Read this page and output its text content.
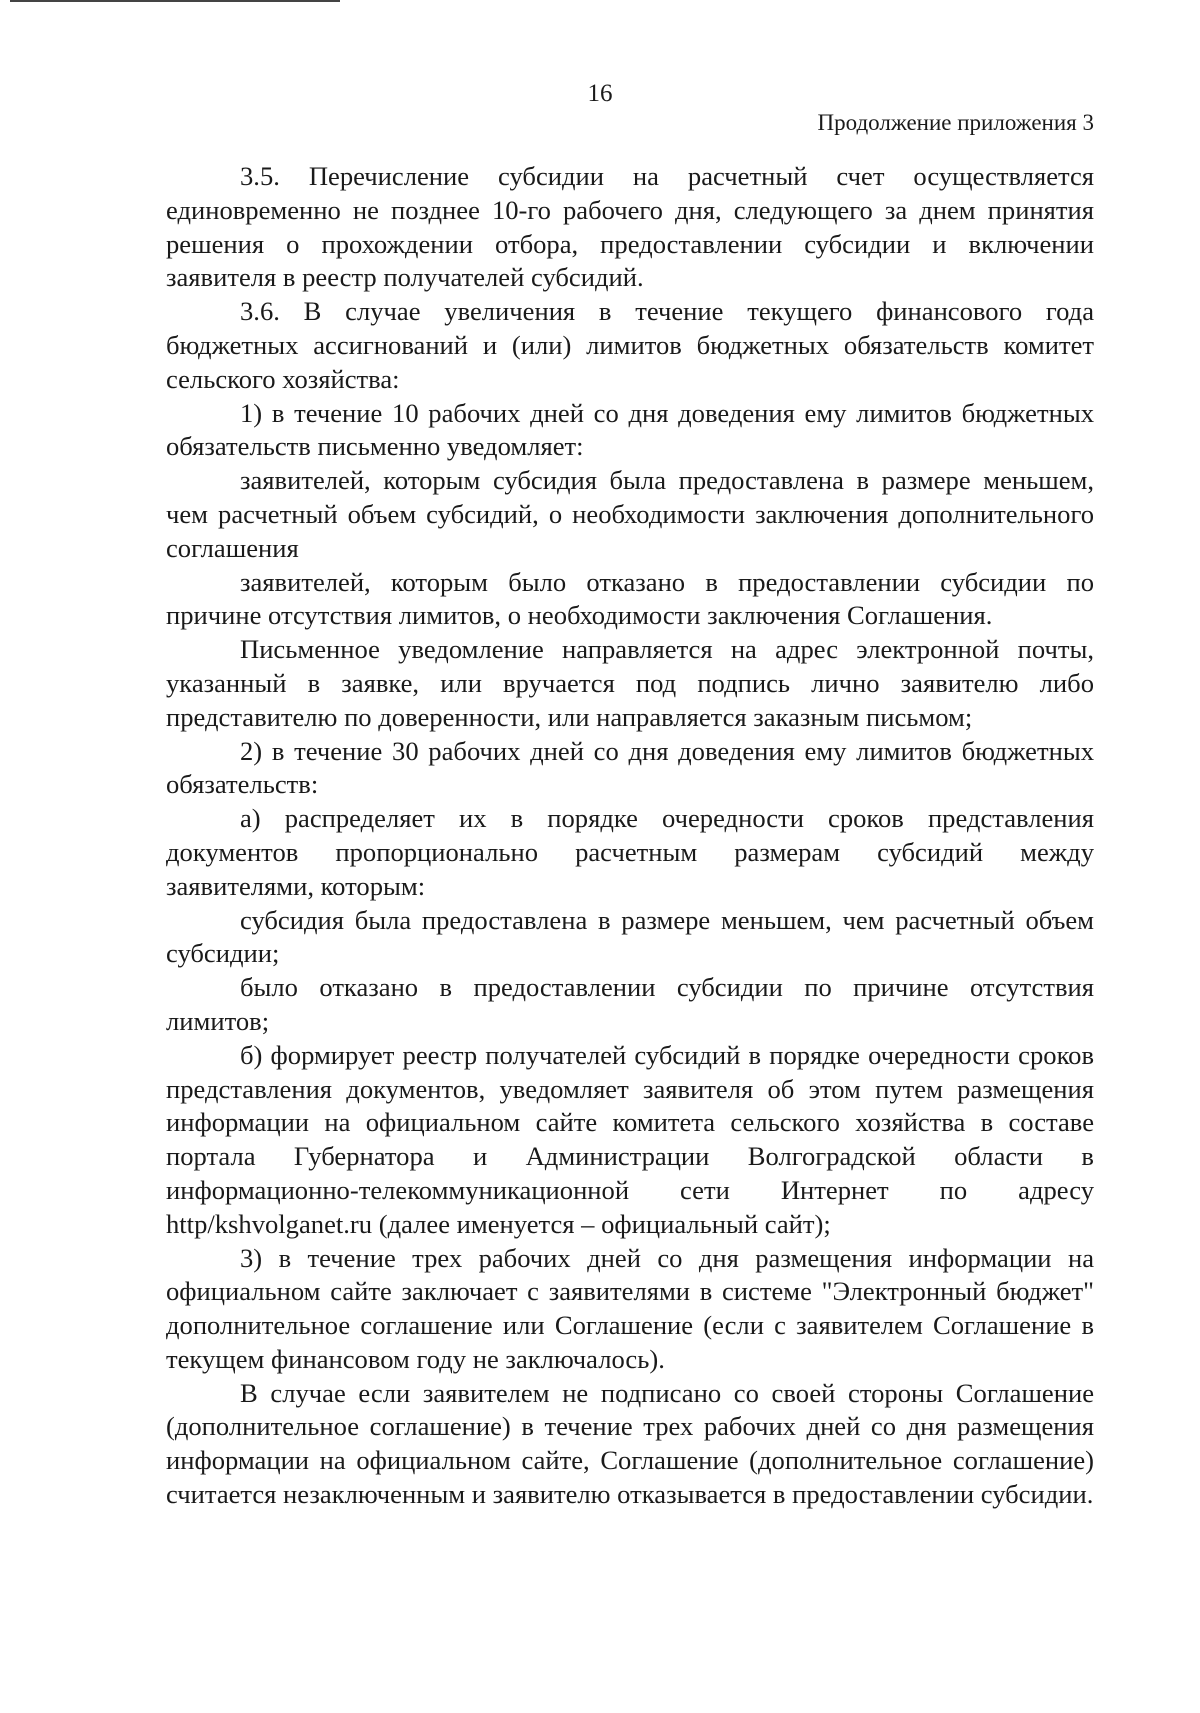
16
Продолжение приложения 3

3.5. Перечисление субсидии на расчетный счет осуществляется единовременно не позднее 10-го рабочего дня, следующего за днем принятия решения о прохождении отбора, предоставлении субсидии и включении заявителя в реестр получателей субсидий.

3.6. В случае увеличения в течение текущего финансового года бюджетных ассигнований и (или) лимитов бюджетных обязательств комитет сельского хозяйства:

1) в течение 10 рабочих дней со дня доведения ему лимитов бюджетных обязательств письменно уведомляет:

заявителей, которым субсидия была предоставлена в размере меньшем, чем расчетный объем субсидий, о необходимости заключения дополнительного соглашения

заявителей, которым было отказано в предоставлении субсидии по причине отсутствия лимитов, о необходимости заключения Соглашения.

Письменное уведомление направляется на адрес электронной почты, указанный в заявке, или вручается под подпись лично заявителю либо представителю по доверенности, или направляется заказным письмом;

2) в течение 30 рабочих дней со дня доведения ему лимитов бюджетных обязательств:

а) распределяет их в порядке очередности сроков представления документов пропорционально расчетным размерам субсидий между заявителями, которым:

субсидия была предоставлена в размере меньшем, чем расчетный объем субсидии;

было отказано в предоставлении субсидии по причине отсутствия лимитов;

б) формирует реестр получателей субсидий в порядке очередности сроков представления документов, уведомляет заявителя об этом путем размещения информации на официальном сайте комитета сельского хозяйства в составе портала Губернатора и Администрации Волгоградской области в информационно-телекоммуникационной сети Интернет по адресу http/kshvolganet.ru (далее именуется – официальный сайт);

3) в течение трех рабочих дней со дня размещения информации на официальном сайте заключает с заявителями в системе "Электронный бюджет" дополнительное соглашение или Соглашение (если с заявителем Соглашение в текущем финансовом году не заключалось).

В случае если заявителем не подписано со своей стороны Соглашение (дополнительное соглашение) в течение трех рабочих дней со дня размещения информации на официальном сайте, Соглашение (дополнительное соглашение) считается незаключенным и заявителю отказывается в предоставлении субсидии.
